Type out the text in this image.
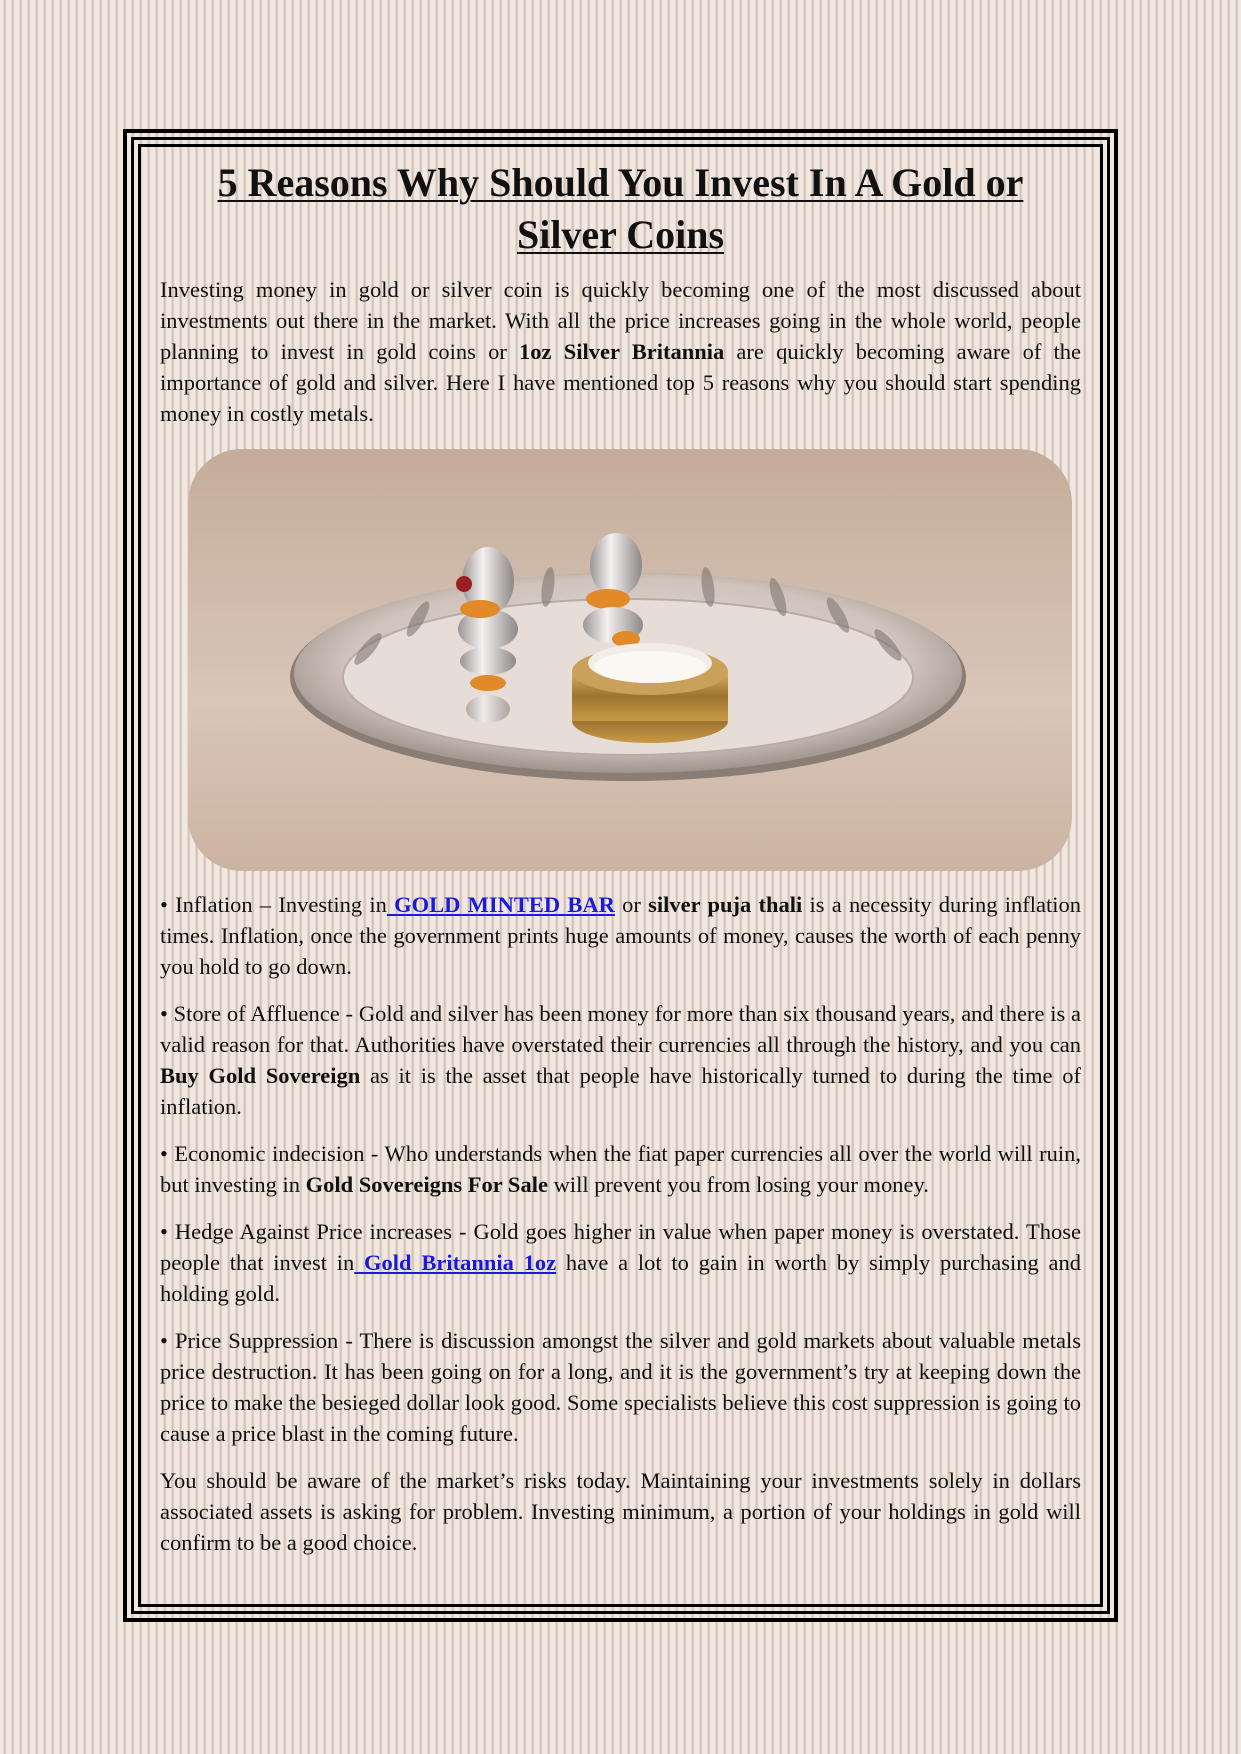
5 Reasons Why Should You Invest In A Gold or Silver Coins

Investing money in gold or silver coin is quickly becoming one of the most discussed about investments out there in the market. With all the price increases going in the whole world, people planning to invest in gold coins or 1oz Silver Britannia are quickly becoming aware of the importance of gold and silver. Here I have mentioned top 5 reasons why you should start spending money in costly metals.

• Inflation – Investing in GOLD MINTED BAR or silver puja thali is a necessity during inflation times. Inflation, once the government prints huge amounts of money, causes the worth of each penny you hold to go down.

• Store of Affluence - Gold and silver has been money for more than six thousand years, and there is a valid reason for that. Authorities have overstated their currencies all through the history, and you can Buy Gold Sovereign as it is the asset that people have historically turned to during the time of inflation.

• Economic indecision - Who understands when the fiat paper currencies all over the world will ruin, but investing in Gold Sovereigns For Sale will prevent you from losing your money.

• Hedge Against Price increases - Gold goes higher in value when paper money is overstated. Those people that invest in Gold Britannia 1oz have a lot to gain in worth by simply purchasing and holding gold.

• Price Suppression - There is discussion amongst the silver and gold markets about valuable metals price destruction. It has been going on for a long, and it is the government’s try at keeping down the price to make the besieged dollar look good. Some specialists believe this cost suppression is going to cause a price blast in the coming future.

You should be aware of the market’s risks today. Maintaining your investments solely in dollars associated assets is asking for problem. Investing minimum, a portion of your holdings in gold will confirm to be a good choice.
